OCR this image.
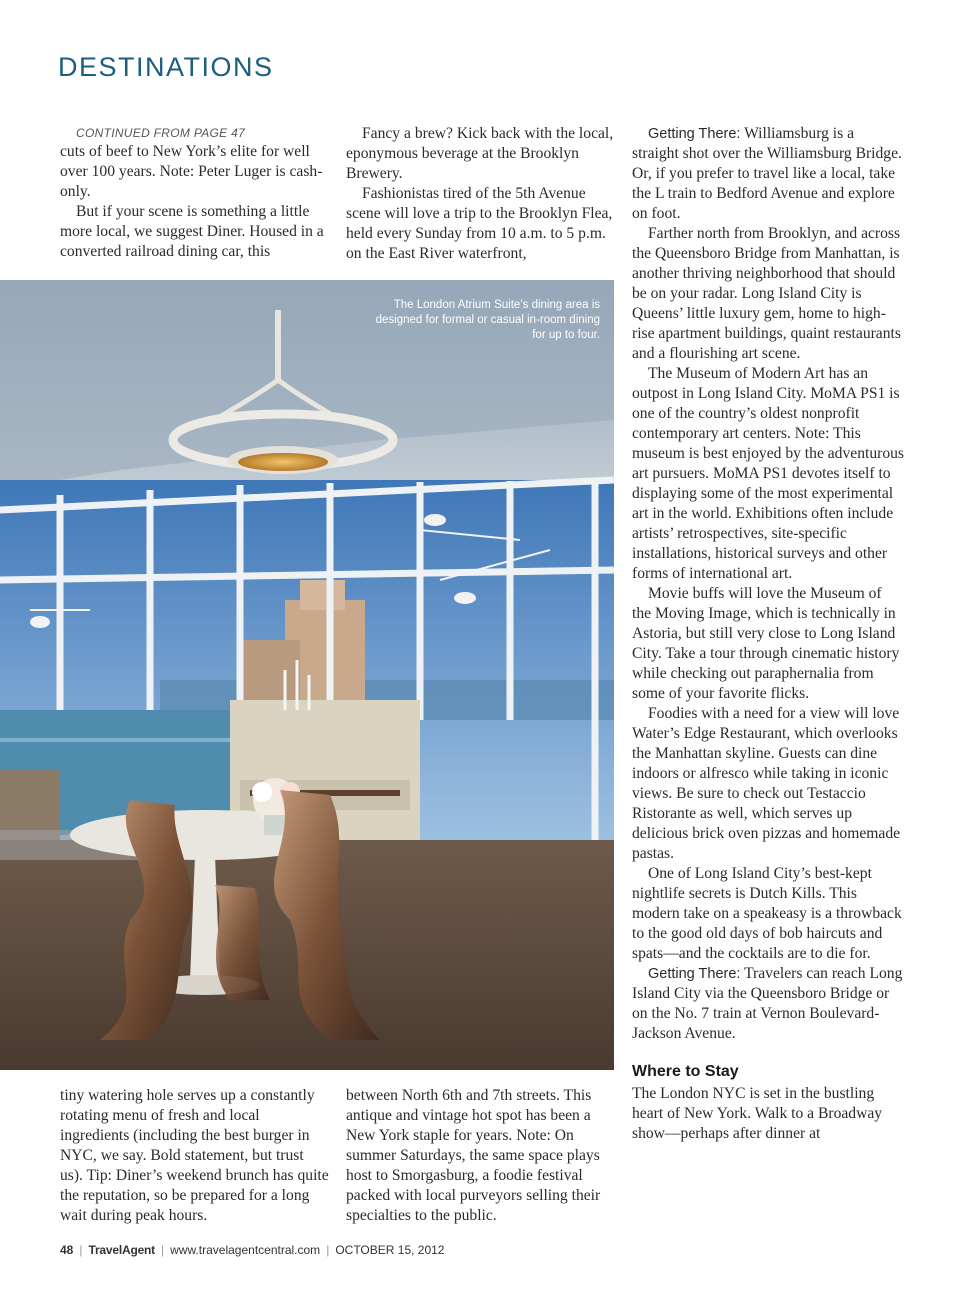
DESTINATIONS

CONTINUED FROM PAGE 47

cuts of beef to New York’s elite for well over 100 years. Note: Peter Luger is cash-only.

But if your scene is something a little more local, we suggest Diner. Housed in a converted railroad dining car, this

Fancy a brew? Kick back with the local, eponymous beverage at the Brooklyn Brewery.

Fashionistas tired of the 5th Avenue scene will love a trip to the Brooklyn Flea, held every Sunday from 10 a.m. to 5 p.m. on the East River waterfront,

The London Atrium Suite’s dining area is designed for formal or casual in-room dining for up to four.

tiny watering hole serves up a constantly rotating menu of fresh and local ingredients (including the best burger in NYC, we say. Bold statement, but trust us). Tip: Diner’s weekend brunch has quite the reputation, so be prepared for a long wait during peak hours.

between North 6th and 7th streets. This antique and vintage hot spot has been a New York staple for years. Note: On summer Saturdays, the same space plays host to Smorgasburg, a foodie festival packed with local purveyors selling their specialties to the public.

Getting There: Williamsburg is a straight shot over the Williamsburg Bridge. Or, if you prefer to travel like a local, take the L train to Bedford Avenue and explore on foot.

Farther north from Brooklyn, and across the Queensboro Bridge from Manhattan, is another thriving neighborhood that should be on your radar. Long Island City is Queens’ little luxury gem, home to high-rise apartment buildings, quaint restaurants and a flourishing art scene.

The Museum of Modern Art has an outpost in Long Island City. MoMA PS1 is one of the country’s oldest nonprofit contemporary art centers. Note: This museum is best enjoyed by the adventurous art pursuers. MoMA PS1 devotes itself to displaying some of the most experimental art in the world. Exhibitions often include artists’ retrospectives, site-specific installations, historical surveys and other forms of international art.

Movie buffs will love the Museum of the Moving Image, which is technically in Astoria, but still very close to Long Island City. Take a tour through cinematic history while checking out paraphernalia from some of your favorite flicks.

Foodies with a need for a view will love Water’s Edge Restaurant, which overlooks the Manhattan skyline. Guests can dine indoors or alfresco while taking in iconic views. Be sure to check out Testaccio Ristorante as well, which serves up delicious brick oven pizzas and homemade pastas.

One of Long Island City’s best-kept nightlife secrets is Dutch Kills. This modern take on a speakeasy is a throwback to the good old days of bob haircuts and spats—and the cocktails are to die for.

Getting There: Travelers can reach Long Island City via the Queensboro Bridge or on the No. 7 train at Vernon Boulevard-Jackson Avenue.

Where to Stay

The London NYC is set in the bustling heart of New York. Walk to a Broadway show—perhaps after dinner at

48 | TravelAgent | www.travelagentcentral.com | OCTOBER 15, 2012
